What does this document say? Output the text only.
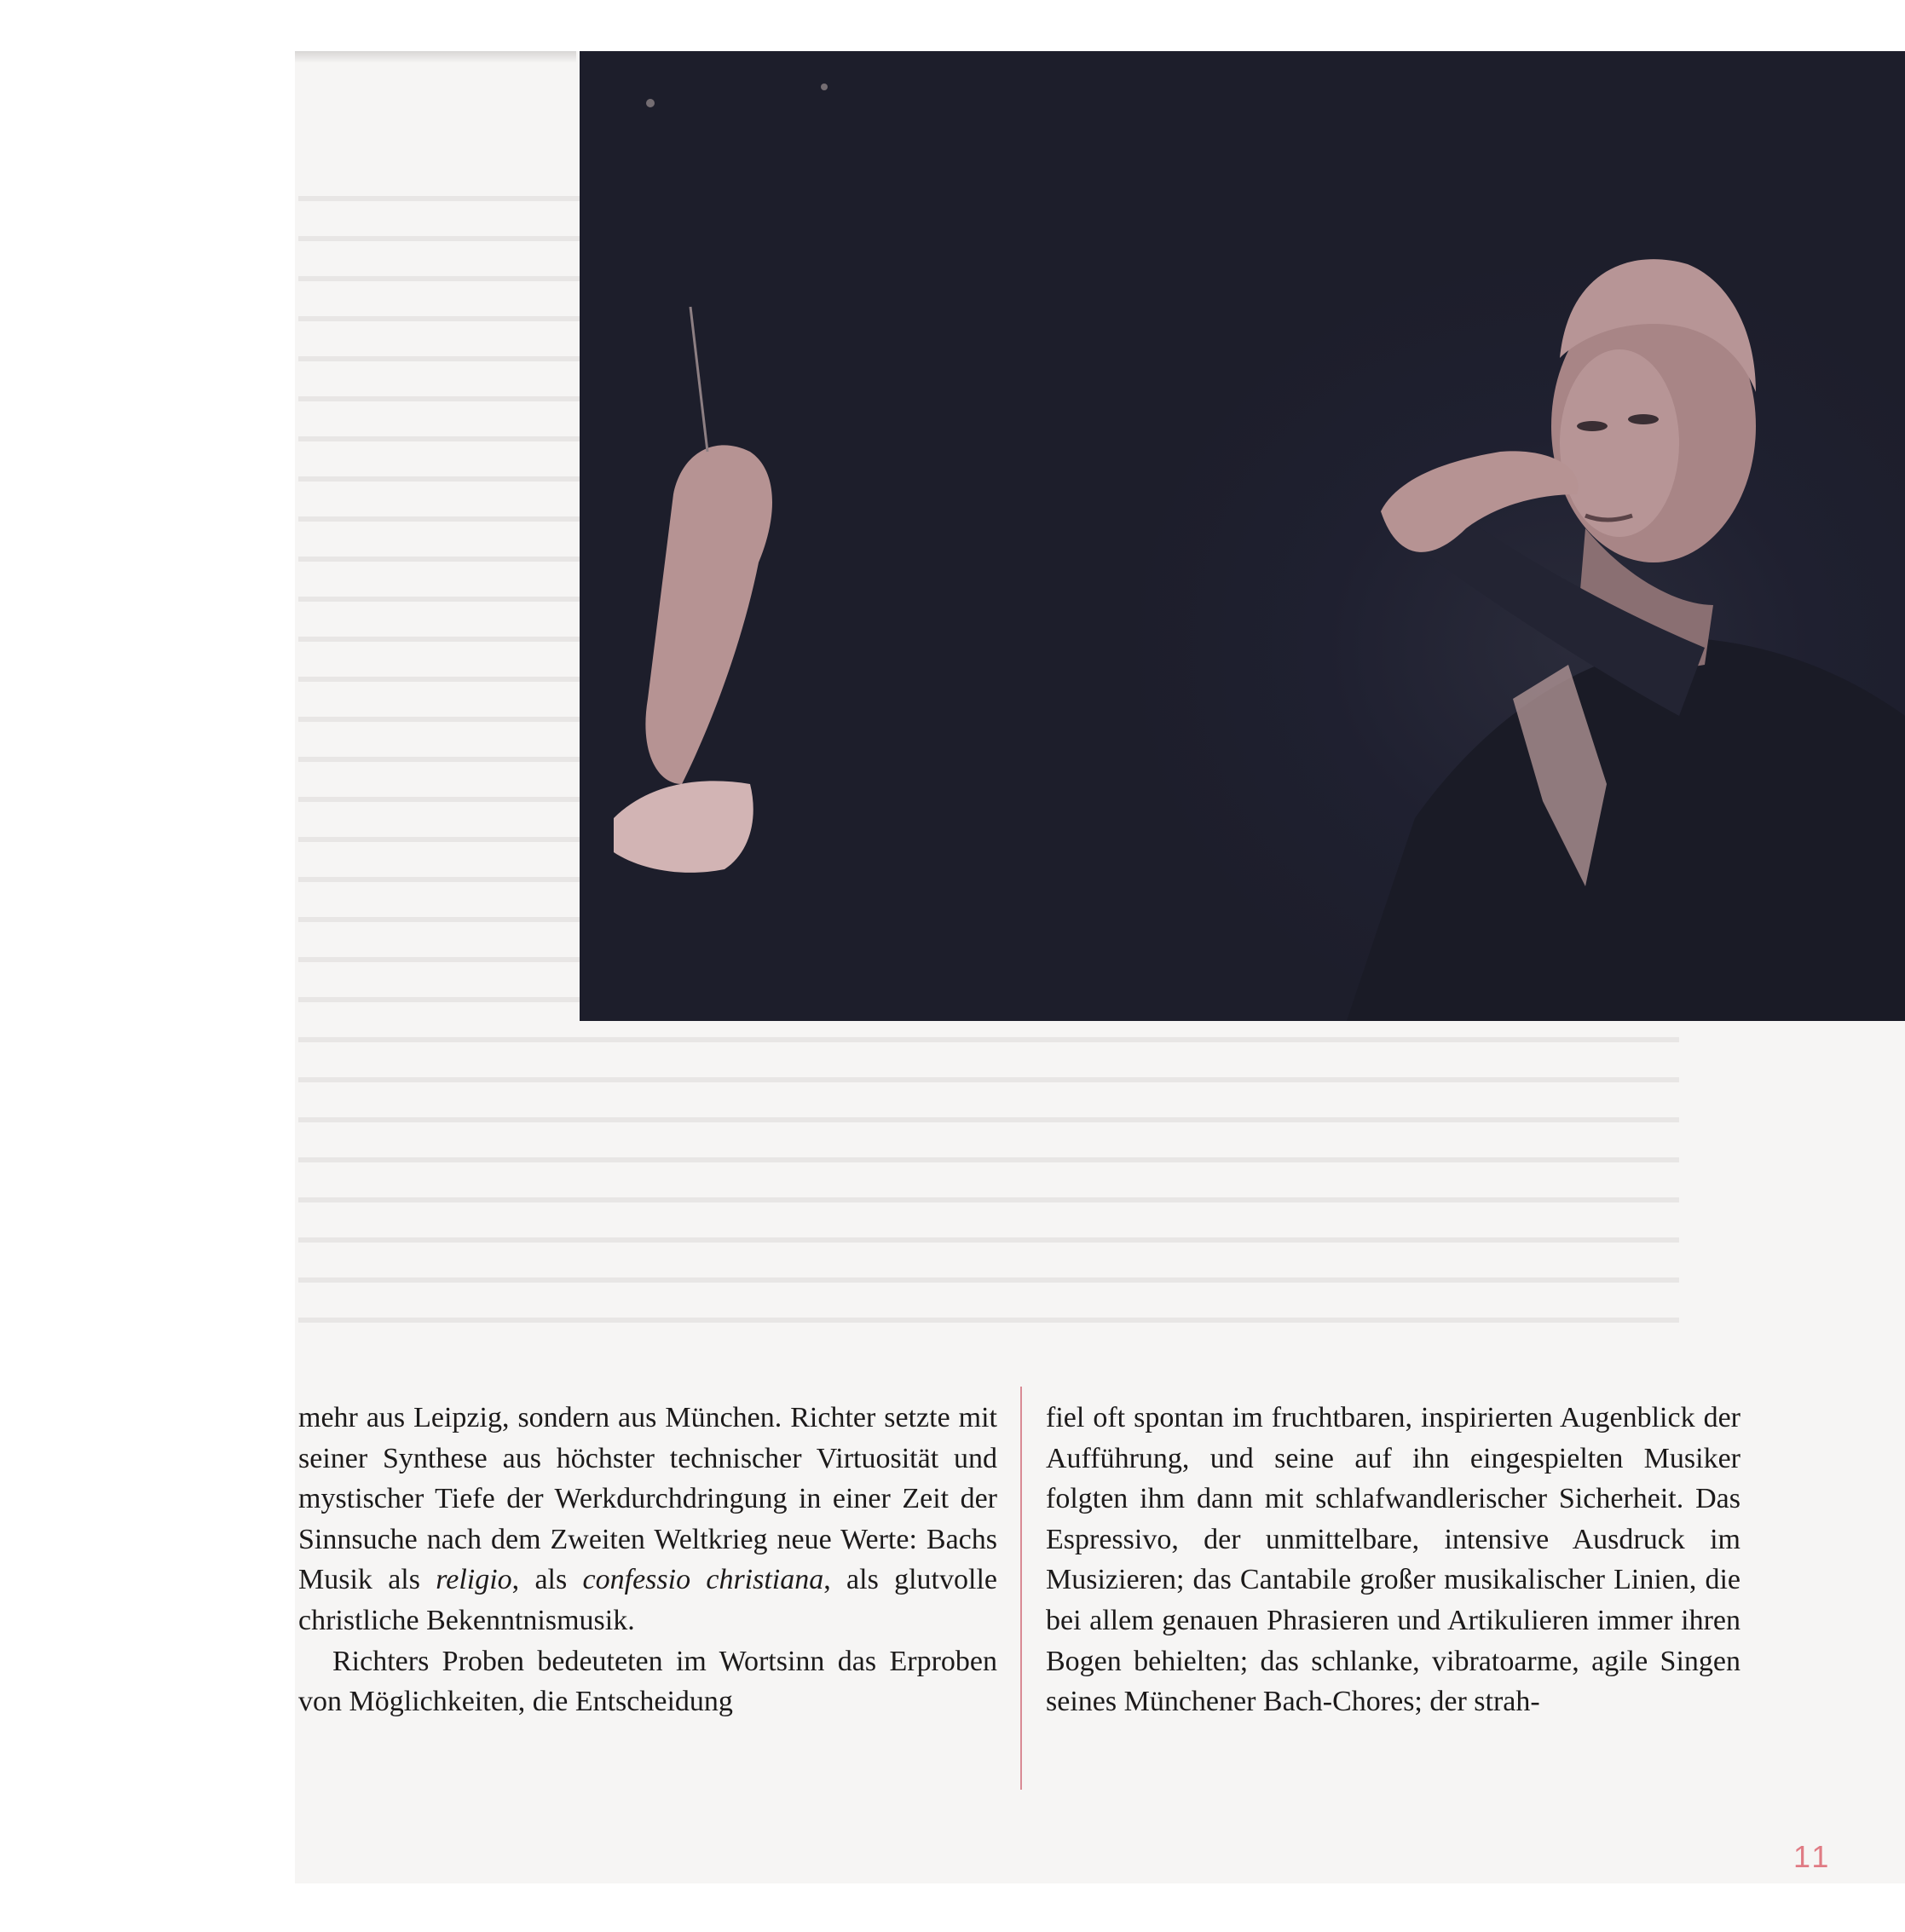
mehr aus Leipzig, sondern aus München. Richter setzte mit seiner Synthese aus höchster technischer Virtuosität und mystischer Tiefe der Werkdurchdringung in einer Zeit der Sinnsuche nach dem Zweiten Weltkrieg neue Werte: Bachs Musik als religio, als confessio christiana, als glutvolle christliche Bekenntnismusik.

Richters Proben bedeuteten im Wortsinn das Erproben von Möglichkeiten, die Entscheidung

fiel oft spontan im fruchtbaren, inspirierten Augenblick der Aufführung, und seine auf ihn eingespielten Musiker folgten ihm dann mit schlafwandlerischer Sicherheit. Das Espressivo, der unmittelbare, intensive Ausdruck im Musizieren; das Cantabile großer musikalischer Linien, die bei allem genauen Phrasieren und Artikulieren immer ihren Bogen behielten; das schlanke, vibratoarme, agile Singen seines Münchener Bach-Chores; der strah-

11
